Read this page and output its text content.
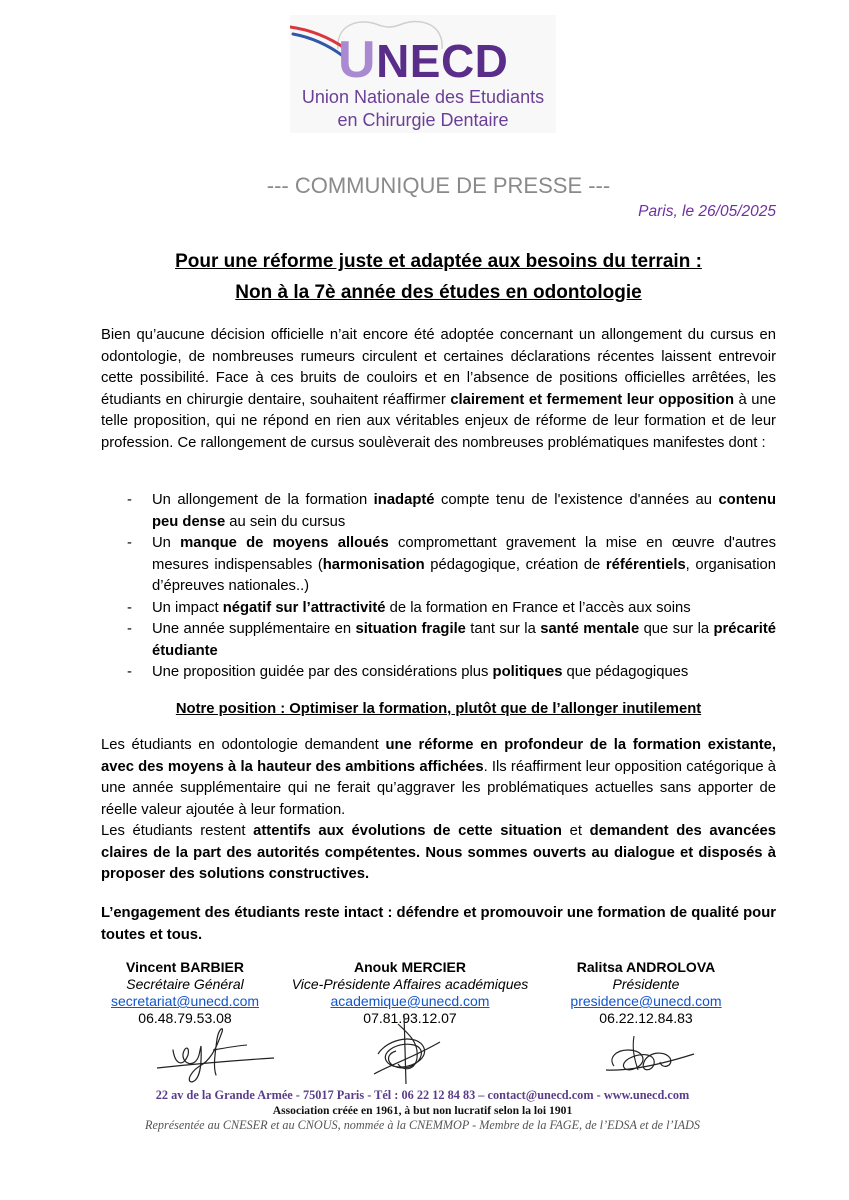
UNECD
Union Nationale des Etudiants
en Chirurgie Dentaire
--- COMMUNIQUE DE PRESSE ---
Paris, le 26/05/2025
Pour une réforme juste et adaptée aux besoins du terrain :
Non à la 7è année des études en odontologie

Bien qu’aucune décision officielle n’ait encore été adoptée concernant un allongement du cursus en odontologie, de nombreuses rumeurs circulent et certaines déclarations récentes laissent entrevoir cette possibilité. Face à ces bruits de couloirs et en l’absence de positions officielles arrêtées, les étudiants en chirurgie dentaire, souhaitent réaffirmer clairement et fermement leur opposition à une telle proposition, qui ne répond en rien aux véritables enjeux de réforme de leur formation et de leur profession. Ce rallongement de cursus soulèverait des nombreuses problématiques manifestes dont :

- Un allongement de la formation inadapté compte tenu de l'existence d'années au contenu peu dense au sein du cursus
- Un manque de moyens alloués compromettant gravement la mise en œuvre d'autres mesures indispensables (harmonisation pédagogique, création de référentiels, organisation d’épreuves nationales..)
- Un impact négatif sur l’attractivité de la formation en France et l’accès aux soins
- Une année supplémentaire en situation fragile tant sur la santé mentale que sur la précarité étudiante
- Une proposition guidée par des considérations plus politiques que pédagogiques
Notre position : Optimiser la formation, plutôt que de l’allonger inutilement

Les étudiants en odontologie demandent une réforme en profondeur de la formation existante, avec des moyens à la hauteur des ambitions affichées. Ils réaffirment leur opposition catégorique à une année supplémentaire qui ne ferait qu’aggraver les problématiques actuelles sans apporter de réelle valeur ajoutée à leur formation.

Les étudiants restent attentifs aux évolutions de cette situation et demandent des avancées claires de la part des autorités compétentes. Nous sommes ouverts au dialogue et disposés à proposer des solutions constructives.

L’engagement des étudiants reste intact : défendre et promouvoir une formation de qualité pour toutes et tous.

Vincent BARBIER
Secrétaire Général
secretariat@unecd.com
06.48.79.53.08
Anouk MERCIER
Vice-Présidente Affaires académiques
academique@unecd.com
07.81.93.12.07
Ralitsa ANDROLOVA
Présidente
presidence@unecd.com
06.22.12.84.83
22 av de la Grande Armée - 75017 Paris - Tél : 06 22 12 84 83 – contact@unecd.com - www.unecd.com
Association créée en 1961, à but non lucratif selon la loi 1901
Représentée au CNESER et au CNOUS, nommée à la CNEMMOP - Membre de la FAGE, de l’EDSA et de l’IADS
